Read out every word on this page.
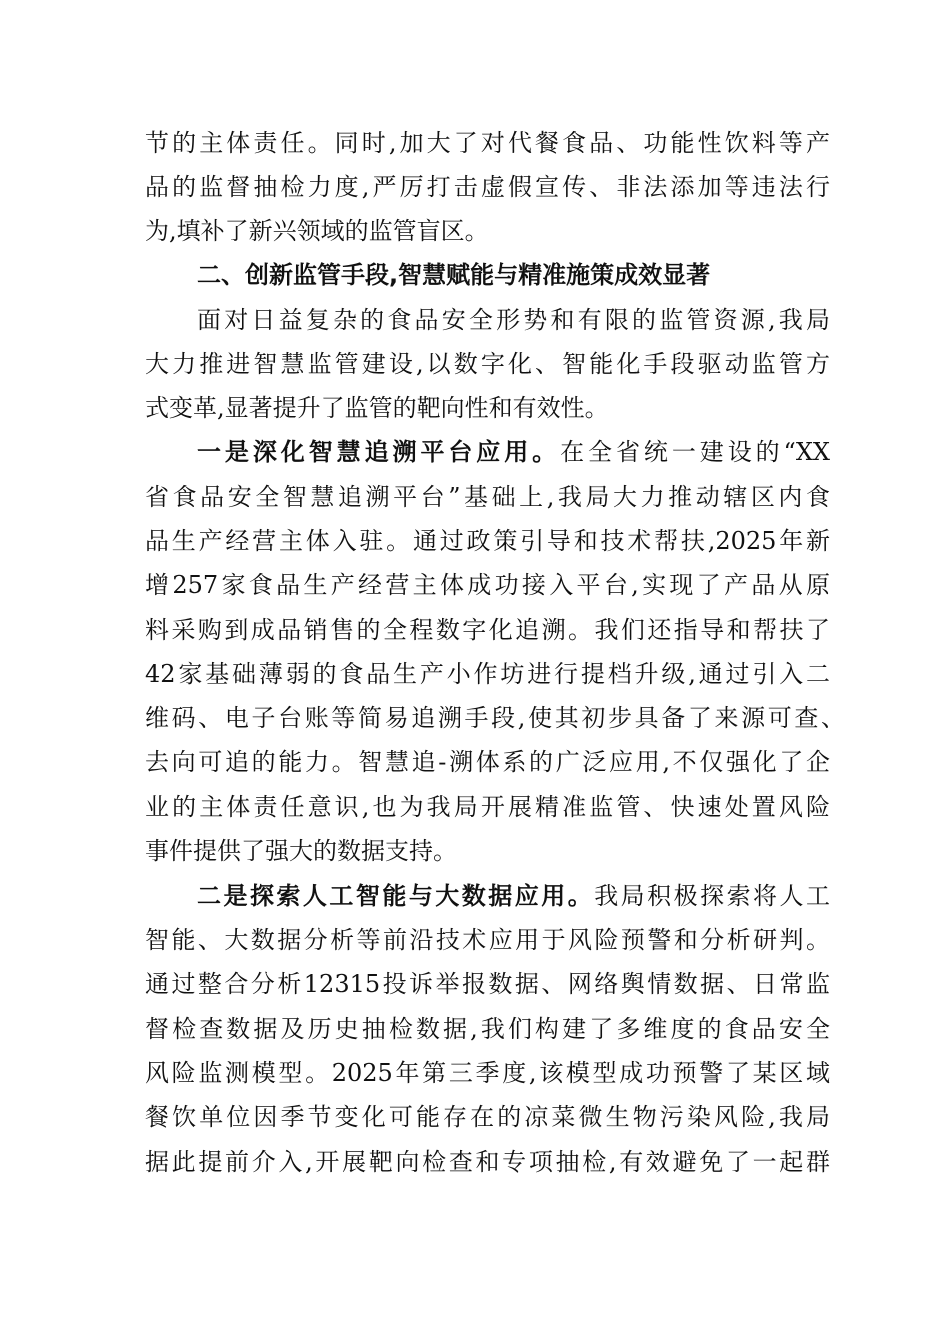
节的主体责任。同时,加大了对代餐食品、功能性饮料等产
品的监督抽检力度,严厉打击虚假宣传、非法添加等违法行
为,填补了新兴领域的监管盲区。
二、创新监管手段,智慧赋能与精准施策成效显著
面对日益复杂的食品安全形势和有限的监管资源,我局
大力推进智慧监管建设,以数字化、智能化手段驱动监管方
式变革,显著提升了监管的靶向性和有效性。
一是深化智慧追溯平台应用。在全省统一建设的“XX
省食品安全智慧追溯平台”基础上,我局大力推动辖区内食
品生产经营主体入驻。通过政策引导和技术帮扶,2025年新
增257家食品生产经营主体成功接入平台,实现了产品从原
料采购到成品销售的全程数字化追溯。我们还指导和帮扶了
42家基础薄弱的食品生产小作坊进行提档升级,通过引入二
维码、电子台账等简易追溯手段,使其初步具备了来源可查、
去向可追的能力。智慧追-溯体系的广泛应用,不仅强化了企
业的主体责任意识,也为我局开展精准监管、快速处置风险
事件提供了强大的数据支持。
二是探索人工智能与大数据应用。我局积极探索将人工
智能、大数据分析等前沿技术应用于风险预警和分析研判。
通过整合分析12315投诉举报数据、网络舆情数据、日常监
督检查数据及历史抽检数据,我们构建了多维度的食品安全
风险监测模型。2025年第三季度,该模型成功预警了某区域
餐饮单位因季节变化可能存在的凉菜微生物污染风险,我局
据此提前介入,开展靶向检查和专项抽检,有效避免了一起群
